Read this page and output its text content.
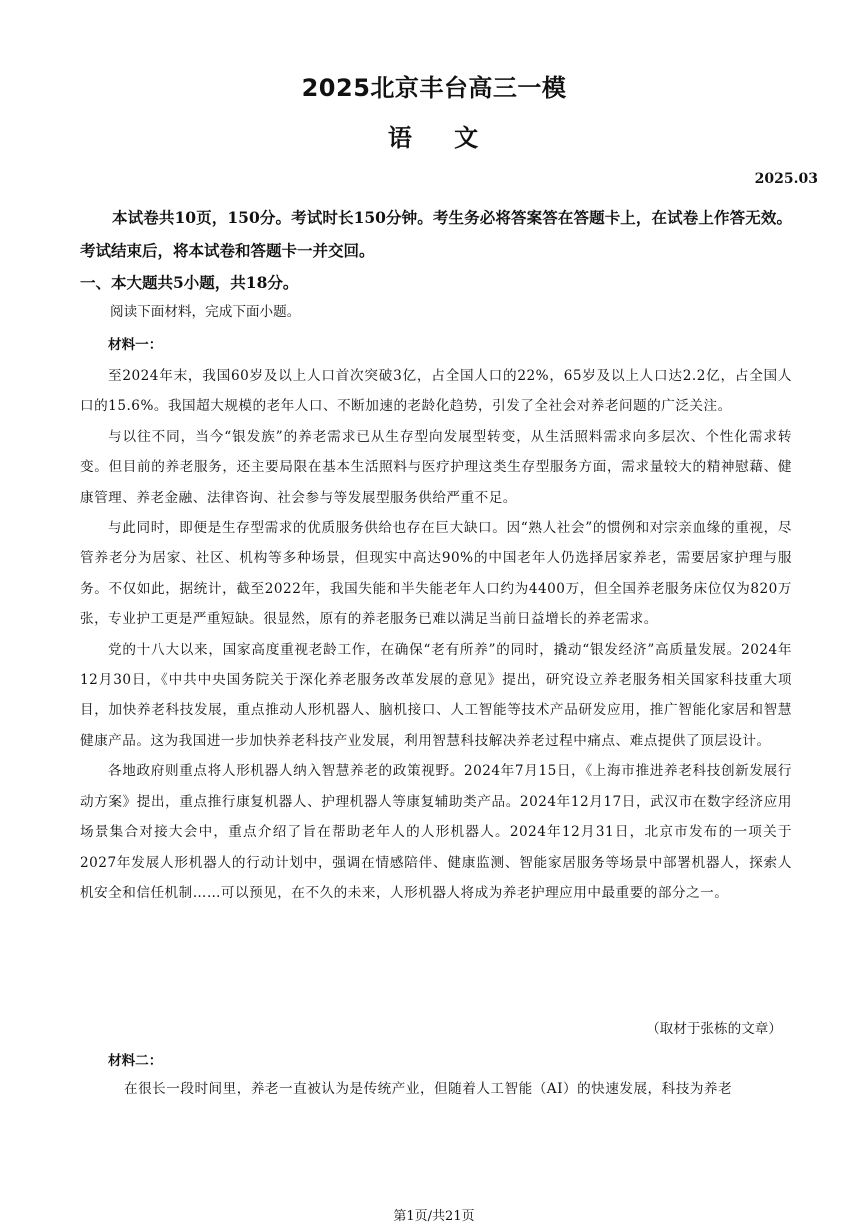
2025北京丰台高三一模
语 文
2025.03
本试卷共10页，150分。考试时长150分钟。考生务必将答案答在答题卡上，在试卷上作答无效。考试结束后，将本试卷和答题卡一并交回。
一、本大题共5小题，共18分。
阅读下面材料，完成下面小题。
材料一：

至2024年末，我国60岁及以上人口首次突破3亿，占全国人口的22%，65岁及以上人口达2.2亿，占全国人口的15.6%。我国超大规模的老年人口、不断加速的老龄化趋势，引发了全社会对养老问题的广泛关注。

与以往不同，当今“银发族”的养老需求已从生存型向发展型转变，从生活照料需求向多层次、个性化需求转变。但目前的养老服务，还主要局限在基本生活照料与医疗护理这类生存型服务方面，需求量较大的精神慰藉、健康管理、养老金融、法律咨询、社会参与等发展型服务供给严重不足。

与此同时，即便是生存型需求的优质服务供给也存在巨大缺口。因“熟人社会”的惯例和对宗亲血缘的重视，尽管养老分为居家、社区、机构等多种场景，但现实中高达90%的中国老年人仍选择居家养老，需要居家护理与服务。不仅如此，据统计，截至2022年，我国失能和半失能老年人口约为4400万，但全国养老服务床位仅为820万张，专业护工更是严重短缺。很显然，原有的养老服务已难以满足当前日益增长的养老需求。

党的十八大以来，国家高度重视老龄工作，在确保“老有所养”的同时，撬动“银发经济”高质量发展。2024年12月30日，《中共中央国务院关于深化养老服务改革发展的意见》提出，研究设立养老服务相关国家科技重大项目，加快养老科技发展，重点推动人形机器人、脑机接口、人工智能等技术产品研发应用，推广智能化家居和智慧健康产品。这为我国进一步加快养老科技产业发展，利用智慧科技解决养老过程中痛点、难点提供了顶层设计。

各地政府则重点将人形机器人纳入智慧养老的政策视野。2024年7月15日，《上海市推进养老科技创新发展行动方案》提出，重点推行康复机器人、护理机器人等康复辅助类产品。2024年12月17日，武汉市在数字经济应用场景集合对接大会中，重点介绍了旨在帮助老年人的人形机器人。2024年12月31日，北京市发布的一项关于2027年发展人形机器人的行动计划中，强调在情感陪伴、健康监测、智能家居服务等场景中部署机器人，探索人机安全和信任机制……可以预见，在不久的未来，人形机器人将成为养老护理应用中最重要的部分之一。

（取材于张栋的文章）
材料二：
在很长一段时间里，养老一直被认为是传统产业，但随着人工智能（AI）的快速发展，科技为养老
第1页/共21页
